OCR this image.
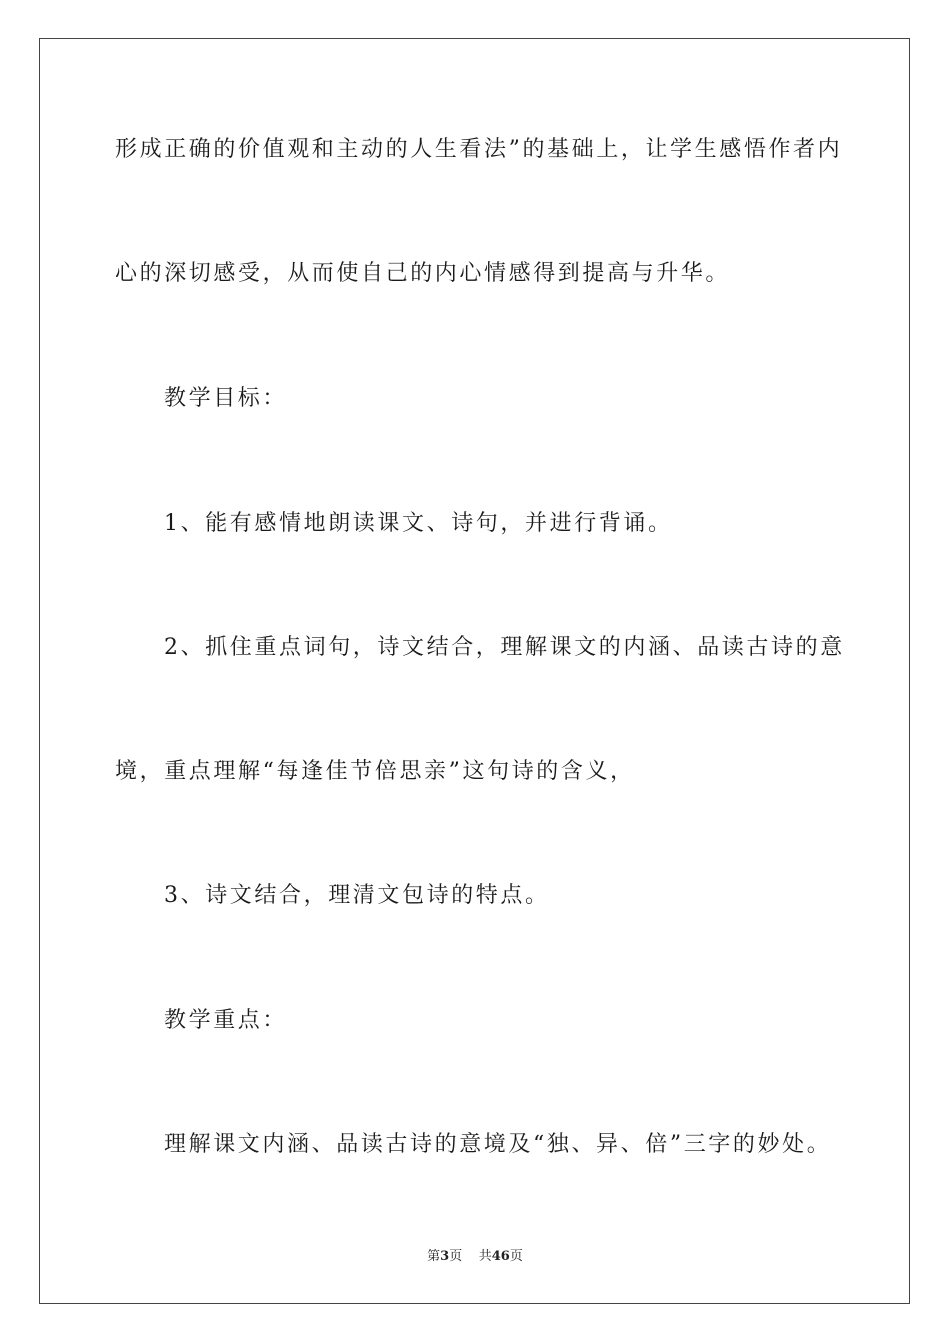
形成正确的价值观和主动的人生看法”的基础上，让学生感悟作者内
心的深切感受，从而使自己的内心情感得到提高与升华。
教学目标：
1、能有感情地朗读课文、诗句，并进行背诵。
2、抓住重点词句，诗文结合，理解课文的内涵、品读古诗的意
境，重点理解“每逢佳节倍思亲”这句诗的含义，
3、诗文结合，理清文包诗的特点。
教学重点：
理解课文内涵、品读古诗的意境及“独、异、倍”三字的妙处。
第3页 共46页
